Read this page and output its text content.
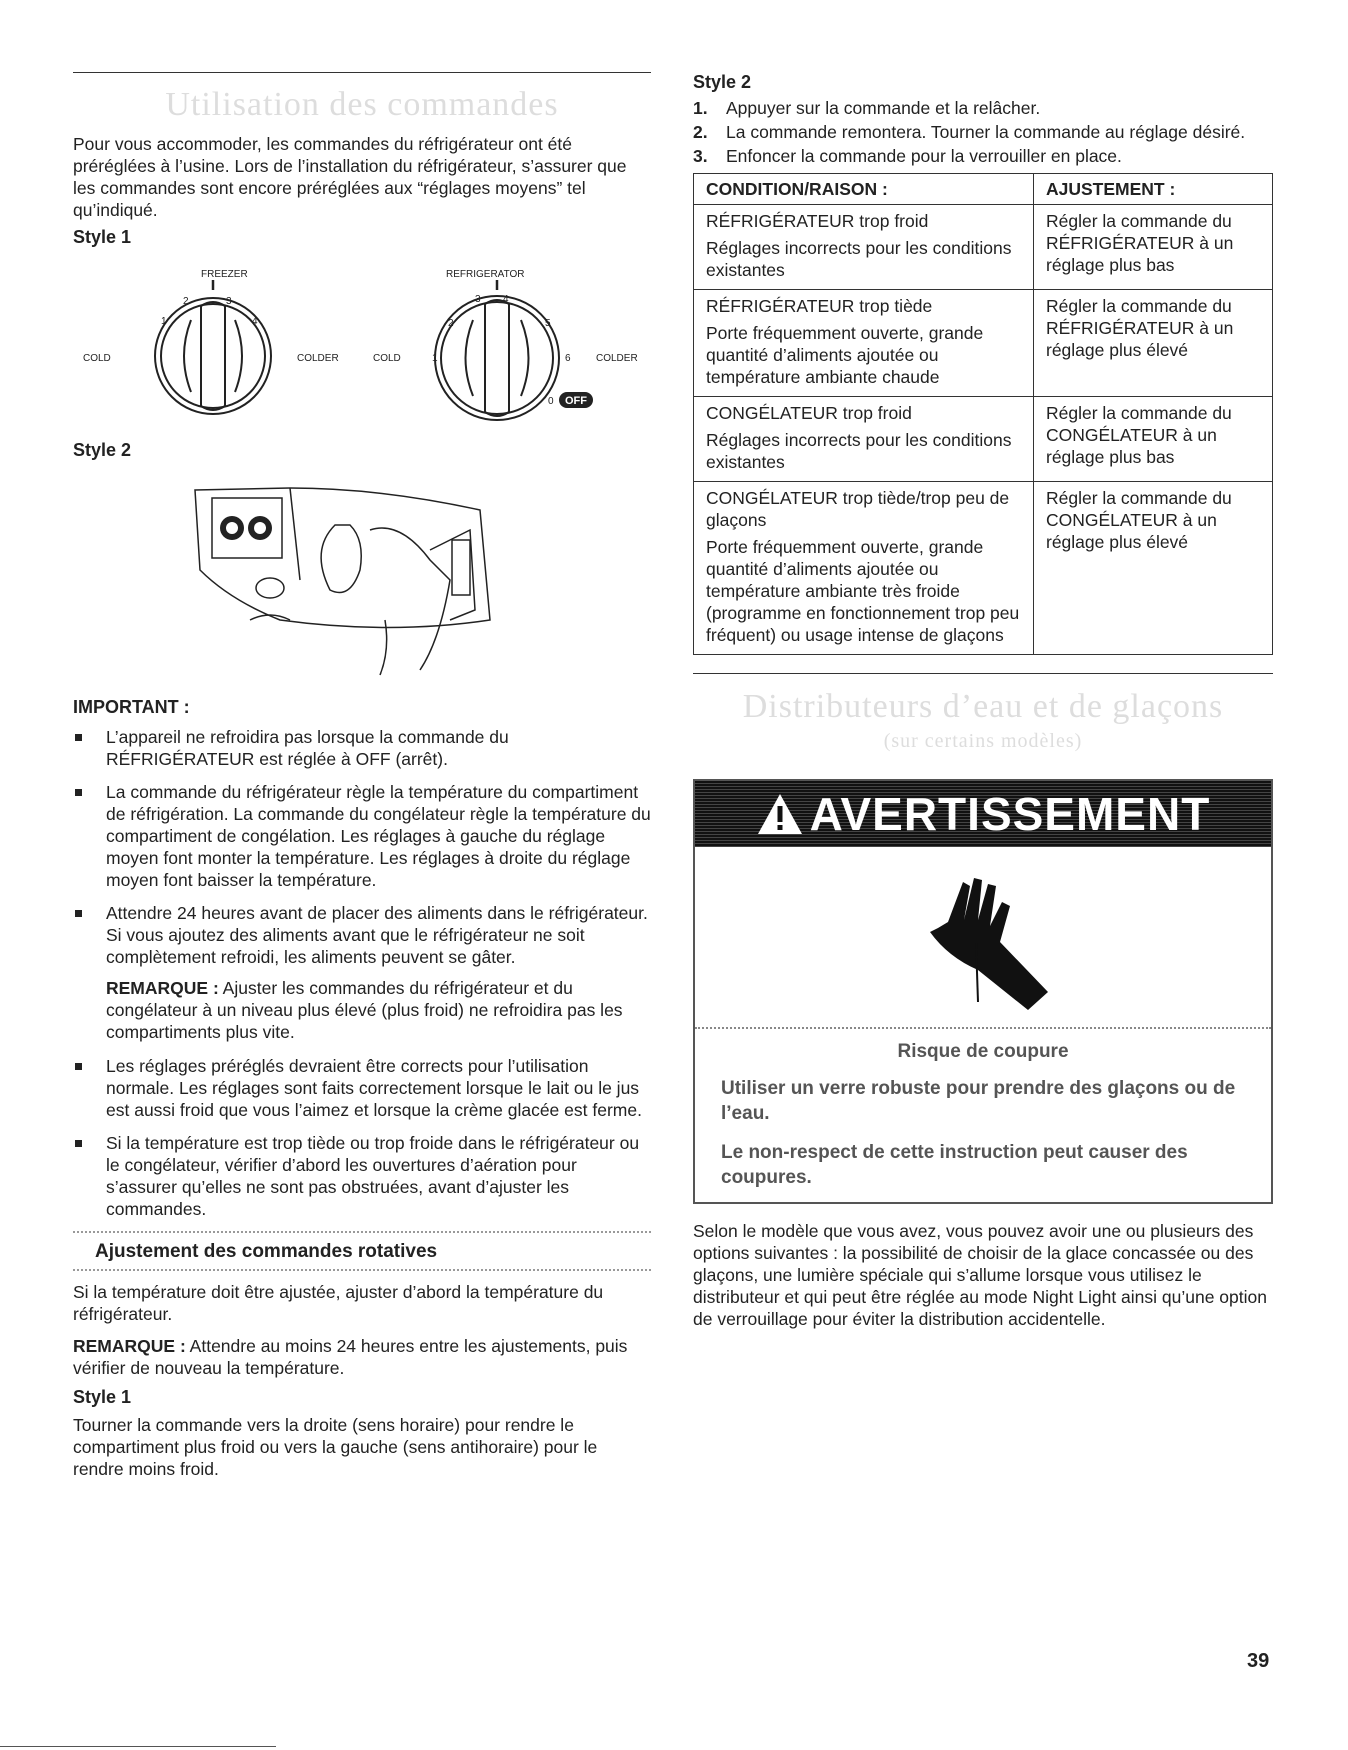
Utilisation des commandes
Pour vous accommoder, les commandes du réfrigérateur ont été préréglées à l’usine. Lors de l’installation du réfrigérateur, s’assurer que les commandes sont encore préréglées aux “réglages moyens” tel qu’indiqué.
Style 1
FREEZER	REFRIGERATOR
COLD	COLDER	COLD	COLDER
2	3
1	4
3 4
2	5
1	6
0 OFF
Style 2
IMPORTANT :
L’appareil ne refroidira pas lorsque la commande du RÉFRIGÉRATEUR est réglée à OFF (arrêt).
La commande du réfrigérateur règle la température du compartiment de réfrigération. La commande du congélateur règle la température du compartiment de congélation. Les réglages à gauche du réglage moyen font monter la température. Les réglages à droite du réglage moyen font baisser la température.
Attendre 24 heures avant de placer des aliments dans le réfrigérateur. Si vous ajoutez des aliments avant que le réfrigérateur ne soit complètement refroidi, les aliments peuvent se gâter.
REMARQUE : Ajuster les commandes du réfrigérateur et du congélateur à un niveau plus élevé (plus froid) ne refroidira pas les compartiments plus vite.
Les réglages préréglés devraient être corrects pour l’utilisation normale. Les réglages sont faits correctement lorsque le lait ou le jus est aussi froid que vous l’aimez et lorsque la crème glacée est ferme.
Si la température est trop tiède ou trop froide dans le réfrigérateur ou le congélateur, vérifier d’abord les ouvertures d’aération pour s’assurer qu’elles ne sont pas obstruées, avant d’ajuster les commandes.
Ajustement des commandes rotatives

Si la température doit être ajustée, ajuster d’abord la température du réfrigérateur.

REMARQUE : Attendre au moins 24 heures entre les ajustements, puis vérifier de nouveau la température.

Style 1

Tourner la commande vers la droite (sens horaire) pour rendre le compartiment plus froid ou vers la gauche (sens antihoraire) pour le rendre moins froid.

Style 2
1.	Appuyer sur la commande et la relâcher.
2.	La commande remontera. Tourner la commande au réglage désiré.
3.	Enfoncer la commande pour la verrouiller en place.
CONDITION/RAISON :	AJUSTEMENT :

RÉFRIGÉRATEUR trop froid
Réglages incorrects pour les conditions existantes	Régler la commande du RÉFRIGÉRATEUR à un réglage plus bas

RÉFRIGÉRATEUR trop tiède
Porte fréquemment ouverte, grande quantité d’aliments ajoutée ou température ambiante chaude	Régler la commande du RÉFRIGÉRATEUR à un réglage plus élevé

CONGÉLATEUR trop froid
Réglages incorrects pour les conditions existantes	Régler la commande du CONGÉLATEUR à un réglage plus bas

CONGÉLATEUR trop tiède/trop peu de glaçons
Porte fréquemment ouverte, grande quantité d’aliments ajoutée ou température ambiante très froide (programme en fonctionnement trop peu fréquent) ou usage intense de glaçons	Régler la commande du CONGÉLATEUR à un réglage plus élevé
Distributeurs d’eau et de glaçons
(sur certains modèles)
AVERTISSEMENT
Risque de coupure
Utiliser un verre robuste pour prendre des glaçons ou de l’eau.
Le non-respect de cette instruction peut causer des coupures.

Selon le modèle que vous avez, vous pouvez avoir une ou plusieurs des options suivantes : la possibilité de choisir de la glace concassée ou des glaçons, une lumière spéciale qui s’allume lorsque vous utilisez le distributeur et qui peut être réglée au mode Night Light ainsi qu’une option de verrouillage pour éviter la distribution accidentelle.

39
